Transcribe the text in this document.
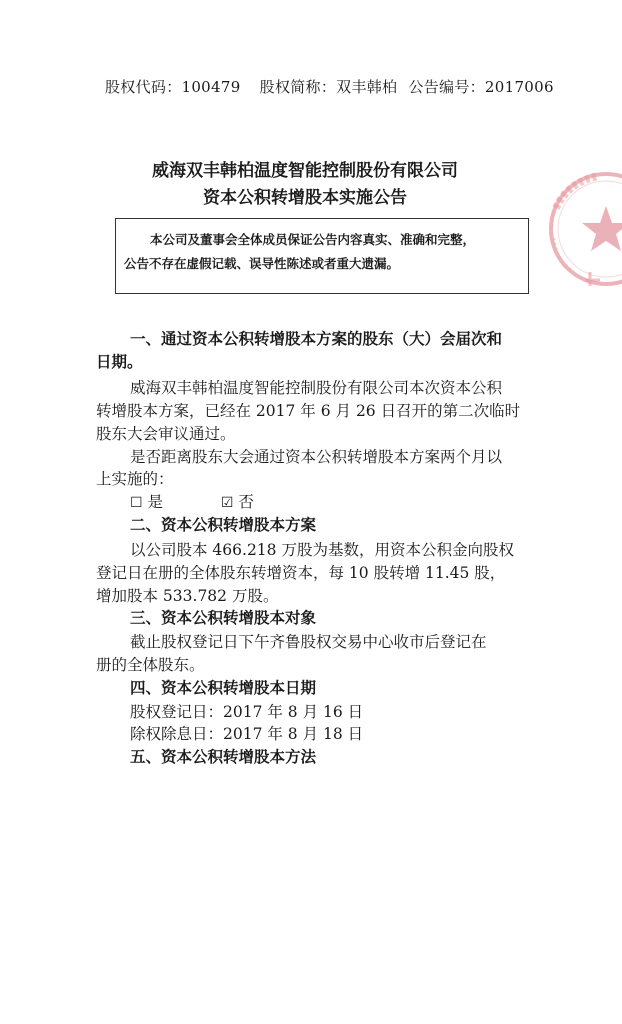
股权代码：100479 股权简称：双丰韩柏 公告编号：2017006
威海双丰韩柏温度智能控制股份有限公司
资本公积转增股本实施公告
本公司及董事会全体成员保证公告内容真实、准确和完整，
公告不存在虚假记载、误导性陈述或者重大遗漏。
一、通过资本公积转增股本方案的股东（大）会届次和
日期。
威海双丰韩柏温度智能控制股份有限公司本次资本公积
转增股本方案，已经在 2017 年 6 月 26 日召开的第二次临时
股东大会审议通过。
是否距离股东大会通过资本公积转增股本方案两个月以
上实施的：
☐ 是	☑ 否
二、资本公积转增股本方案
以公司股本 466.218 万股为基数，用资本公积金向股权
登记日在册的全体股东转增资本，每 10 股转增 11.45 股，
增加股本 533.782 万股。
三、资本公积转增股本对象
截止股权登记日下午齐鲁股权交易中心收市后登记在
册的全体股东。
四、资本公积转增股本日期
股权登记日：2017 年 8 月 16 日
除权除息日：2017 年 8 月 18 日
五、资本公积转增股本方法
